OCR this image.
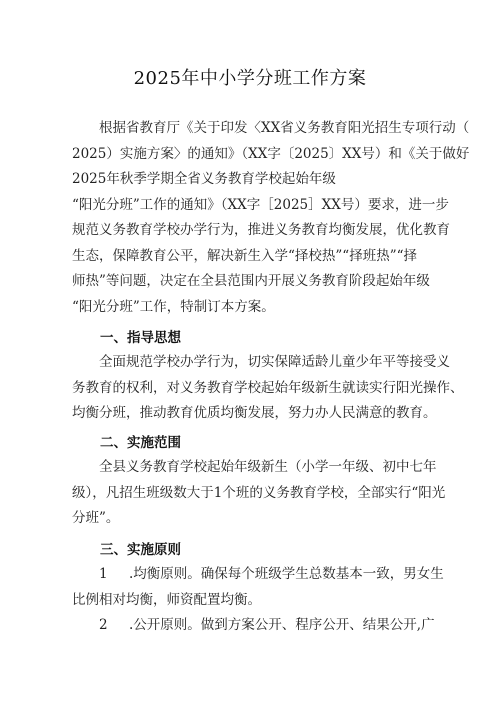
2025年中小学分班工作方案

根据省教育厅《关于印发〈XX省义务教育阳光招生专项行动（
2025）实施方案〉的通知》（XX字〔2025〕XX号）和《关于做好
2025年秋季学期全省义务教育学校起始年级
“阳光分班”工作的通知》（XX字［2025］XX号）要求，进一步
规范义务教育学校办学行为，推进义务教育均衡发展，优化教育
生态，保障教育公平，解决新生入学“择校热”“择班热”“择
师热”等问题，决定在全县范围内开展义务教育阶段起始年级
“阳光分班”工作，特制订本方案。

一、指导思想

全面规范学校办学行为，切实保障适龄儿童少年平等接受义
务教育的权利，对义务教育学校起始年级新生就读实行阳光操作、
均衡分班，推动教育优质均衡发展，努力办人民满意的教育。

二、实施范围

全县义务教育学校起始年级新生（小学一年级、初中七年
级），凡招生班级数大于1个班的义务教育学校，全部实行“阳光
分班”。

三、实施原则

1 .均衡原则。确保每个班级学生总数基本一致，男女生
比例相对均衡，师资配置均衡。
2 .公开原则。做到方案公开、程序公开、结果公开,广
